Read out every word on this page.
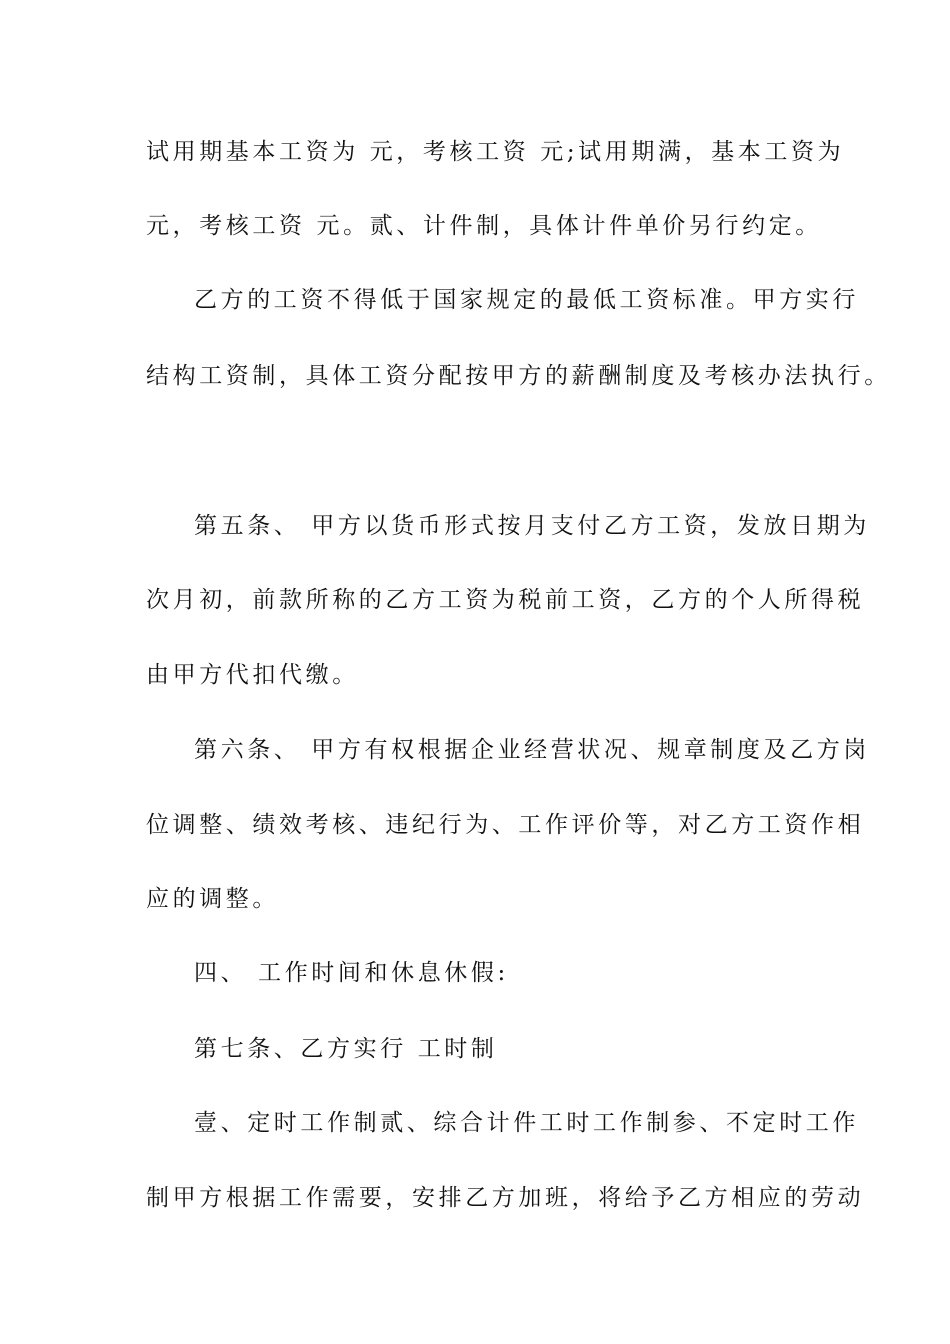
试用期基本工资为 元，考核工资 元;试用期满，基本工资为
元，考核工资 元。贰、计件制，具体计件单价另行约定。
乙方的工资不得低于国家规定的最低工资标准。甲方实行
结构工资制，具体工资分配按甲方的薪酬制度及考核办法执行。
第五条、 甲方以货币形式按月支付乙方工资，发放日期为
次月初，前款所称的乙方工资为税前工资，乙方的个人所得税
由甲方代扣代缴。
第六条、 甲方有权根据企业经营状况、规章制度及乙方岗
位调整、绩效考核、违纪行为、工作评价等，对乙方工资作相
应的调整。
四、 工作时间和休息休假:
第七条、乙方实行 工时制
壹、定时工作制贰、综合计件工时工作制参、不定时工作
制甲方根据工作需要，安排乙方加班，将给予乙方相应的劳动
